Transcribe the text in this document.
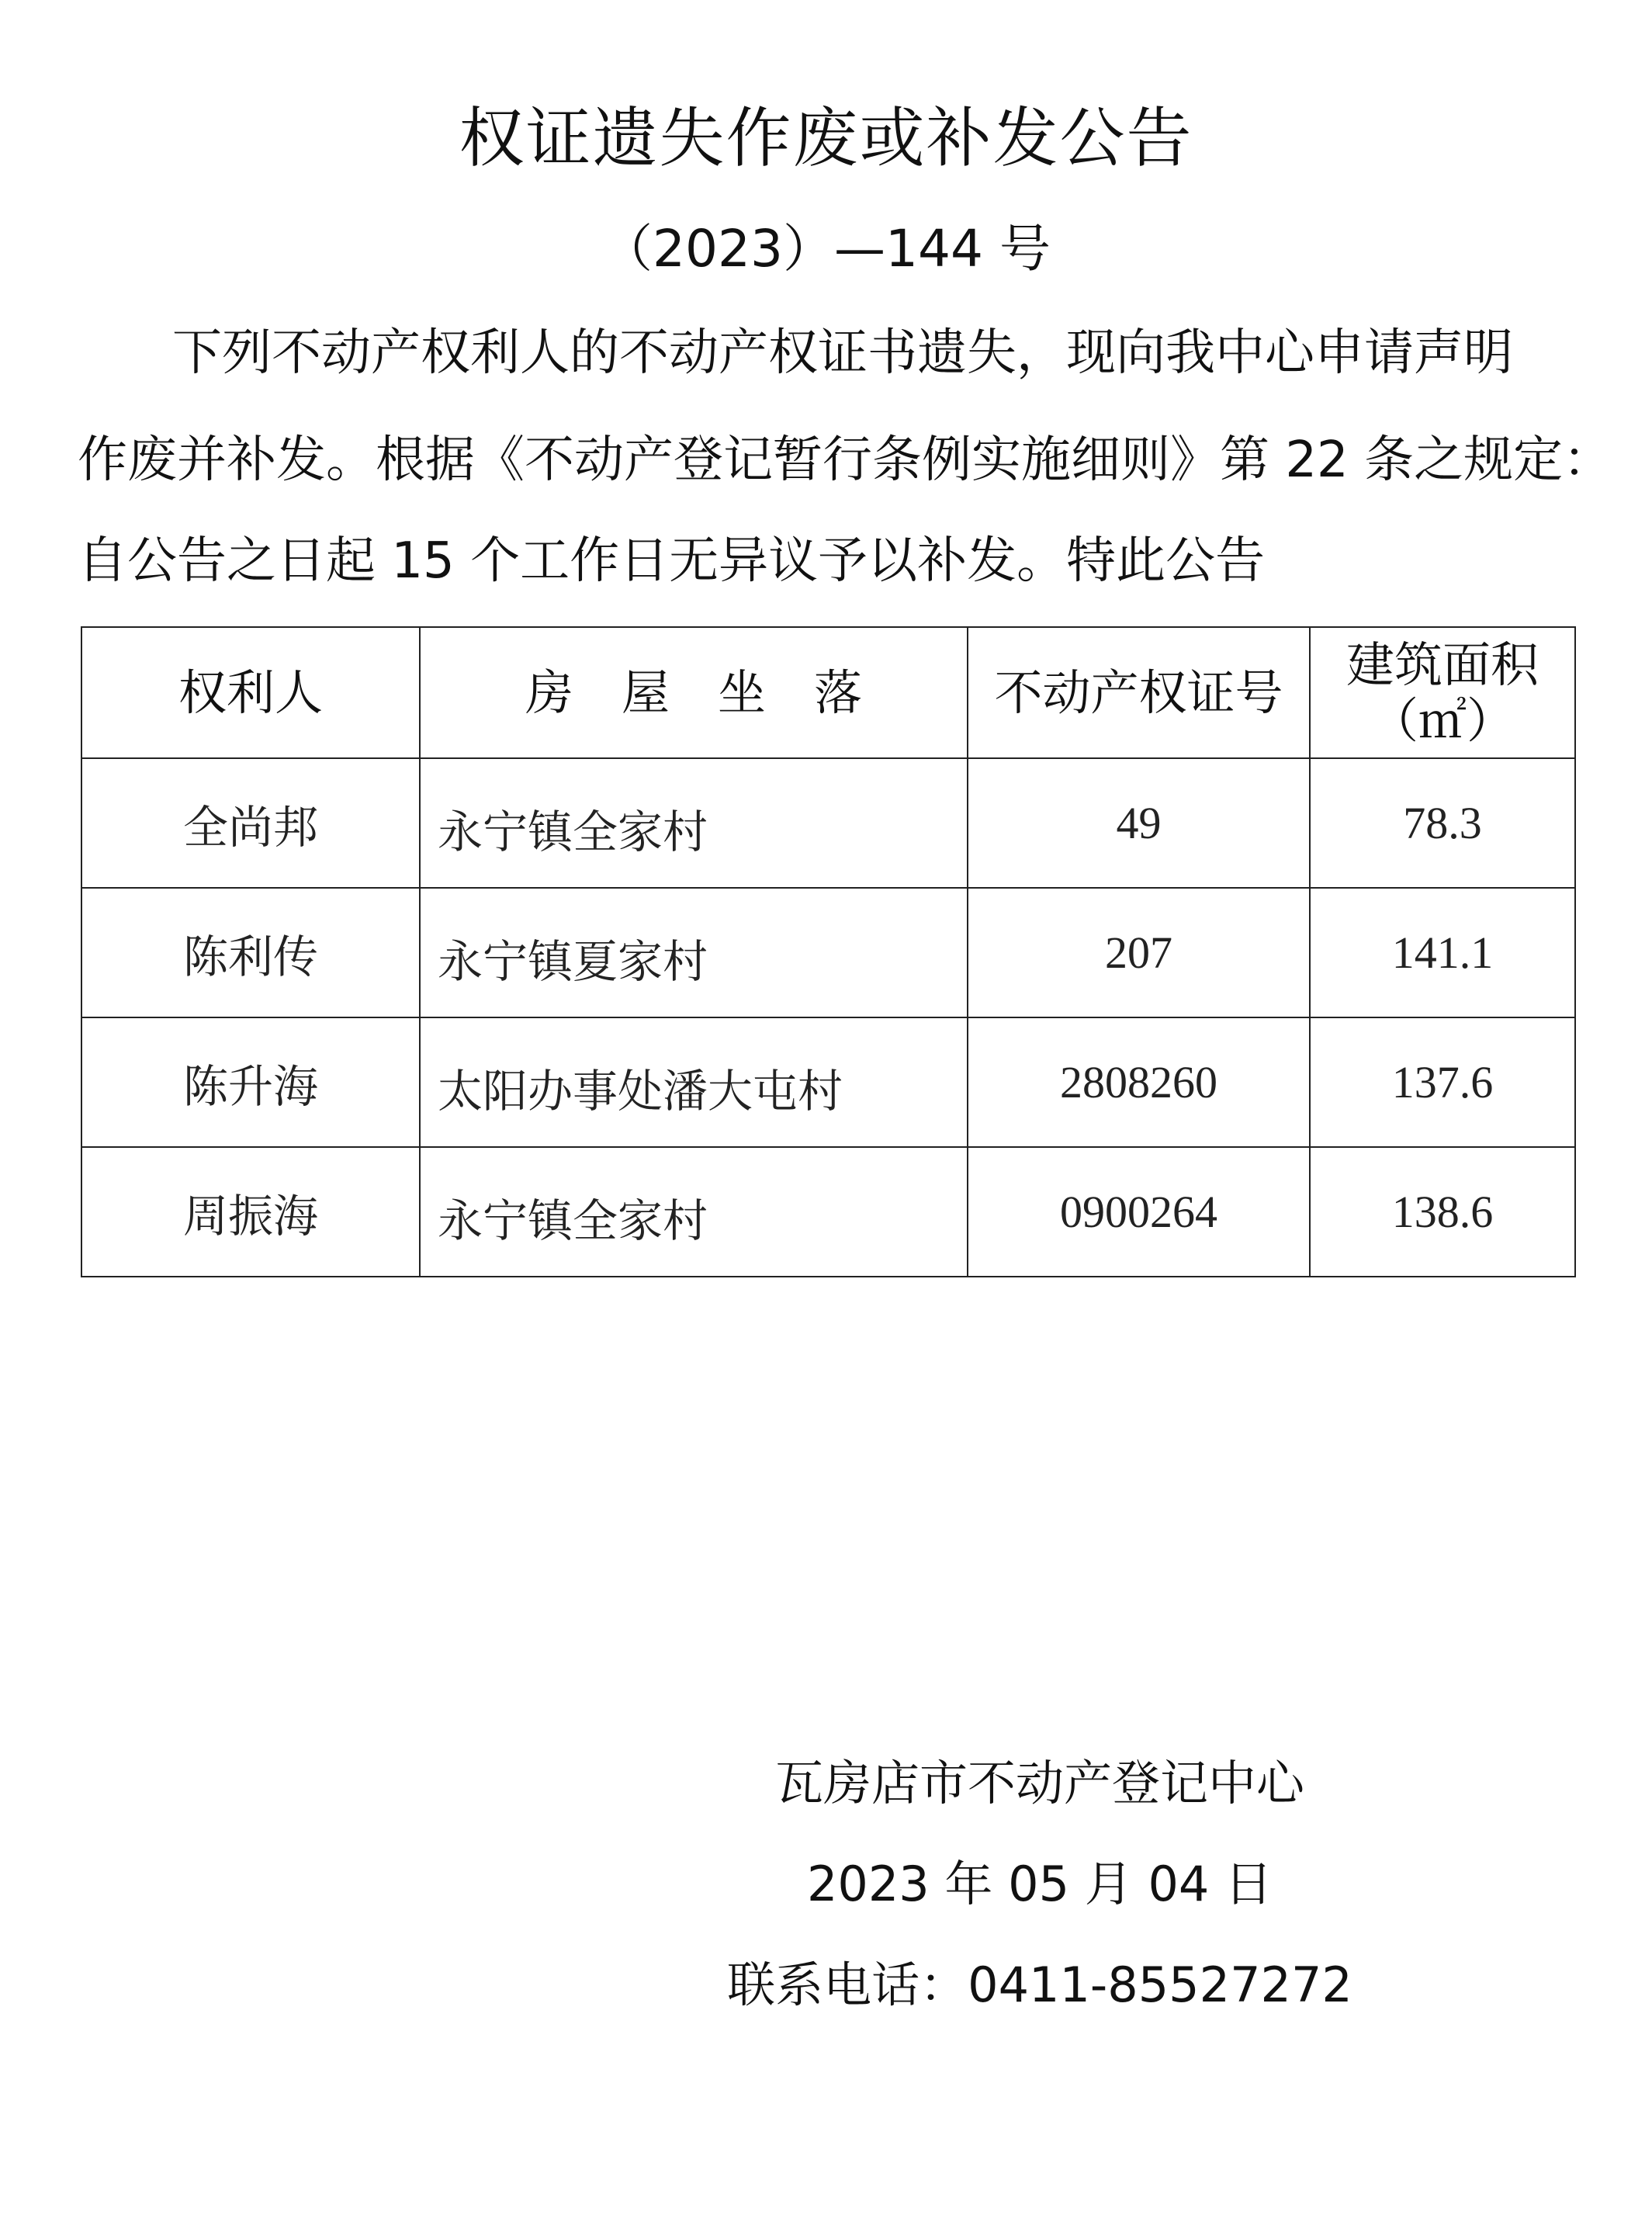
权证遗失作废或补发公告
（2023）—144 号
下列不动产权利人的不动产权证书遗失，现向我中心申请声明
作废并补发。根据《不动产登记暂行条例实施细则》第 22 条之规定：
自公告之日起 15 个工作日无异议予以补发。特此公告
权利人	房　屋　坐　落	不动产权证号	建筑面积
（㎡）

全尚邦	永宁镇全家村	49	78.3
陈利传	永宁镇夏家村	207	141.1
陈升海	太阳办事处潘大屯村	2808260	137.6
周振海	永宁镇全家村	0900264	138.6
瓦房店市不动产登记中心
2023 年 05 月 04 日
联系电话：0411-85527272
